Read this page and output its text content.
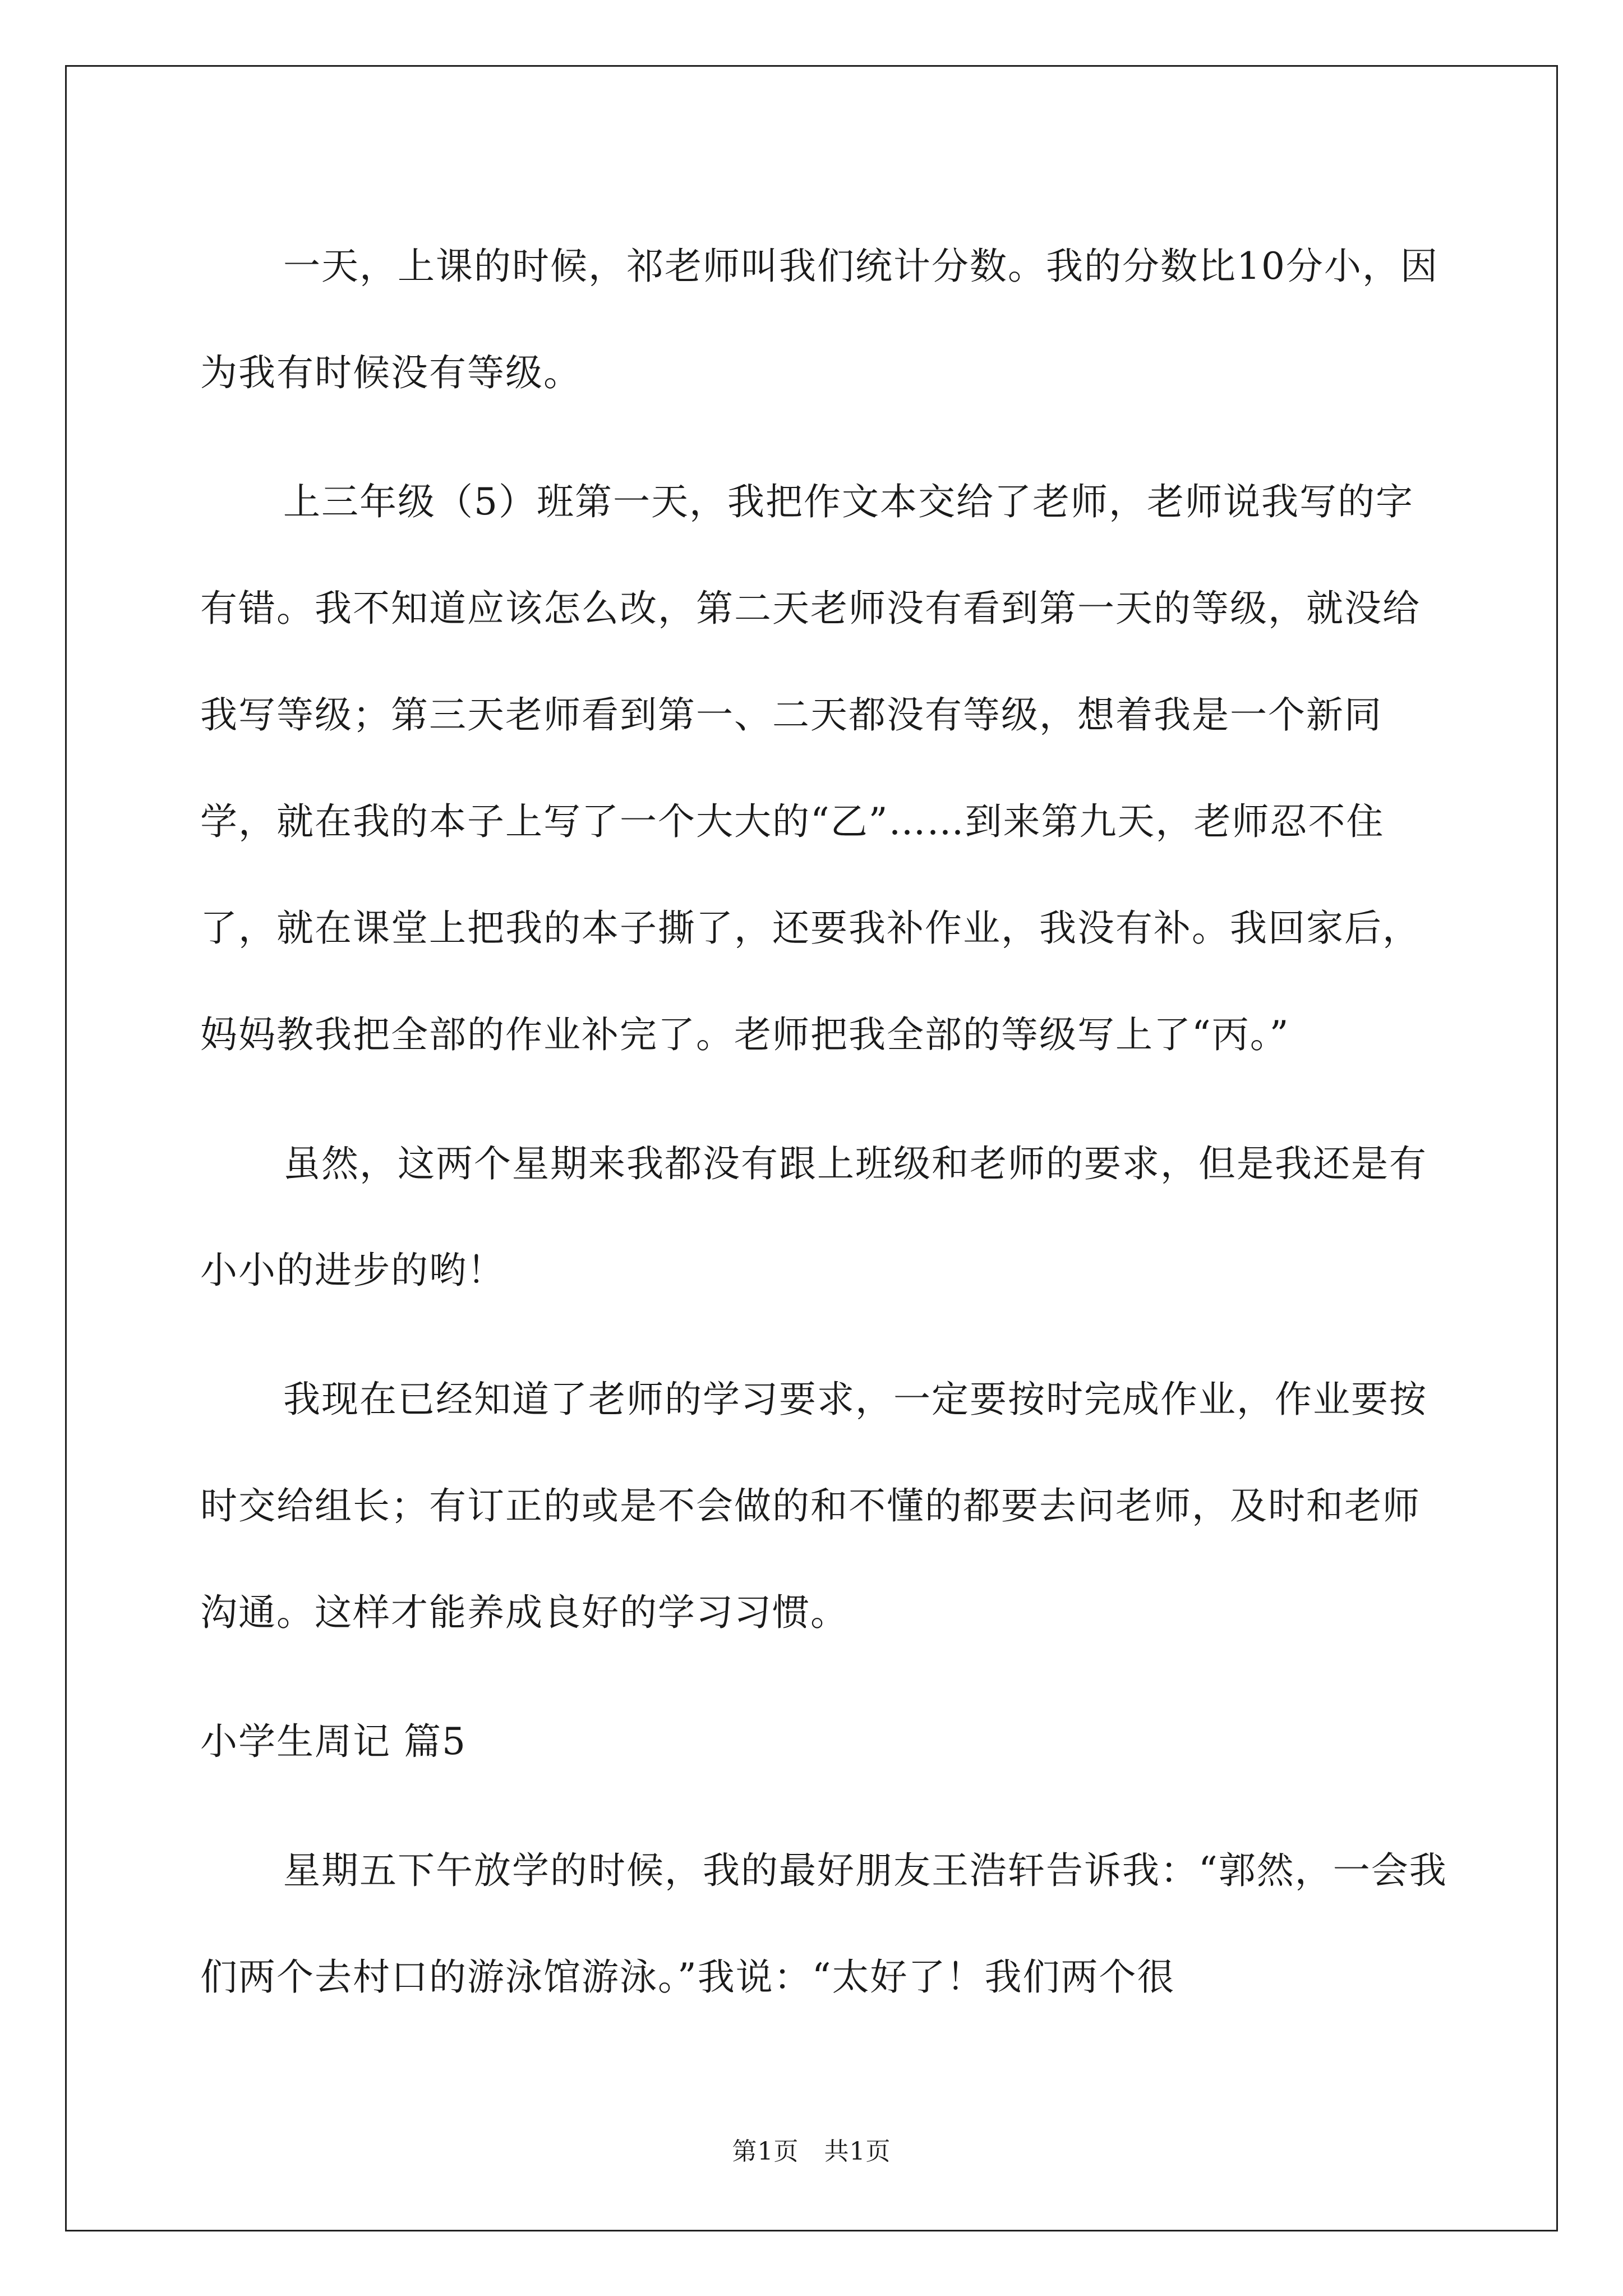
一天，上课的时候，祁老师叫我们统计分数。我的分数比10分小，因为我有时候没有等级。

上三年级（5）班第一天，我把作文本交给了老师，老师说我写的字有错。我不知道应该怎么改，第二天老师没有看到第一天的等级，就没给我写等级；第三天老师看到第一、二天都没有等级，想着我是一个新同学，就在我的本子上写了一个大大的“乙”……到来第九天，老师忍不住了，就在课堂上把我的本子撕了，还要我补作业，我没有补。我回家后，妈妈教我把全部的作业补完了。老师把我全部的等级写上了“丙。”

虽然，这两个星期来我都没有跟上班级和老师的要求，但是我还是有小小的进步的哟！

我现在已经知道了老师的学习要求，一定要按时完成作业，作业要按时交给组长；有订正的或是不会做的和不懂的都要去问老师，及时和老师沟通。这样才能养成良好的学习习惯。

小学生周记 篇5

星期五下午放学的时候，我的最好朋友王浩轩告诉我：“郭然，一会我们两个去村口的游泳馆游泳。”我说：“太好了！我们两个很

第1页　共1页
